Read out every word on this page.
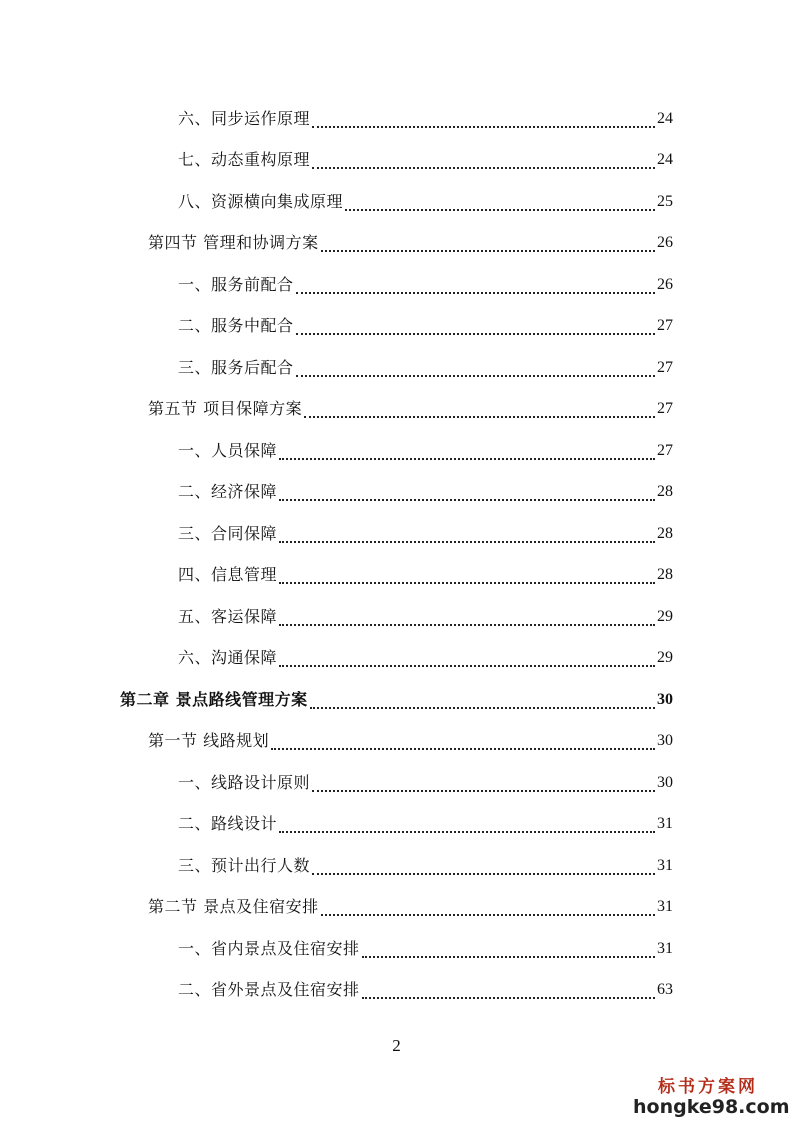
六、同步运作原理	24
七、动态重构原理	24
八、资源横向集成原理	25
第四节 管理和协调方案	26
一、服务前配合	26
二、服务中配合	27
三、服务后配合	27
第五节 项目保障方案	27
一、人员保障	27
二、经济保障	28
三、合同保障	28
四、信息管理	28
五、客运保障	29
六、沟通保障	29
第二章 景点路线管理方案	30
第一节 线路规划	30
一、线路设计原则	30
二、路线设计	31
三、预计出行人数	31
第二节 景点及住宿安排	31
一、省内景点及住宿安排	31
二、省外景点及住宿安排	63
2
标书方案网
hongke98.com
